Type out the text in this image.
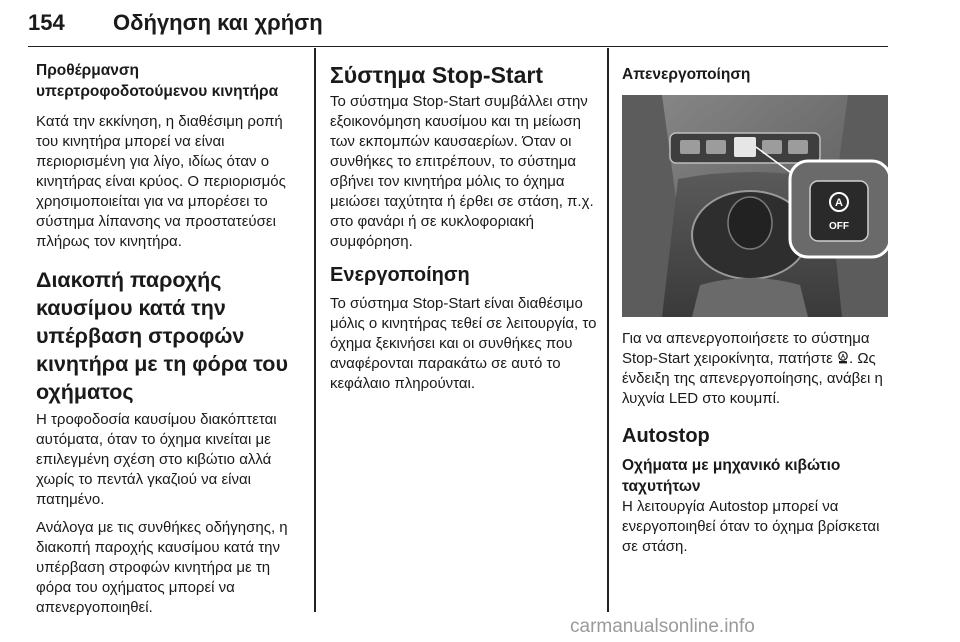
154 Οδήγηση και χρήση
Προθέρμανση υπερτροφοδοτούμενου κινητήρα

Κατά την εκκίνηση, η διαθέσιμη ροπή του κινητήρα μπορεί να είναι περιορισμένη για λίγο, ιδίως όταν ο κινητήρας είναι κρύος. Ο περιορισμός χρησιμοποιείται για να μπορέσει το σύστημα λίπανσης να προστατεύσει πλήρως τον κινητήρα.

Διακοπή παροχής καυσίμου κατά την υπέρβαση στροφών κινητήρα με τη φόρα του οχήματος

Η τροφοδοσία καυσίμου διακόπτεται αυτόματα, όταν το όχημα κινείται με επιλεγμένη σχέση στο κιβώτιο αλλά χωρίς το πεντάλ γκαζιού να είναι πατημένο.

Ανάλογα με τις συνθήκες οδήγησης, η διακοπή παροχής καυσίμου κατά την υπέρβαση στροφών κινητήρα με τη φόρα του οχήματος μπορεί να απενεργοποιηθεί.

Σύστημα Stop-Start

Το σύστημα Stop-Start συμβάλλει στην εξοικονόμηση καυσίμου και τη μείωση των εκπομπών καυσαερίων. Όταν οι συνθήκες το επιτρέπουν, το σύστημα σβήνει τον κινητήρα μόλις το όχημα μειώσει ταχύτητα ή έρθει σε στάση, π.χ. στο φανάρι ή σε κυκλοφοριακή συμφόρηση.

Ενεργοποίηση

Το σύστημα Stop-Start είναι διαθέσιμο μόλις ο κινητήρας τεθεί σε λειτουργία, το όχημα ξεκινήσει και οι συνθήκες που αναφέρονται παρακάτω σε αυτό το κεφάλαιο πληρούνται.

Απενεργοποίηση
A
OFF

Για να απενεργοποιήσετε το σύστημα Stop-Start χειροκίνητα, πατήστε A . Ως ένδειξη της απενεργοποίησης, ανάβει η λυχνία LED στο κουμπί.

Autostop
Οχήματα με μηχανικό κιβώτιο ταχυτήτων

Η λειτουργία Autostop μπορεί να ενεργοποιηθεί όταν το όχημα βρίσκεται σε στάση.

carmanualsonline.info
